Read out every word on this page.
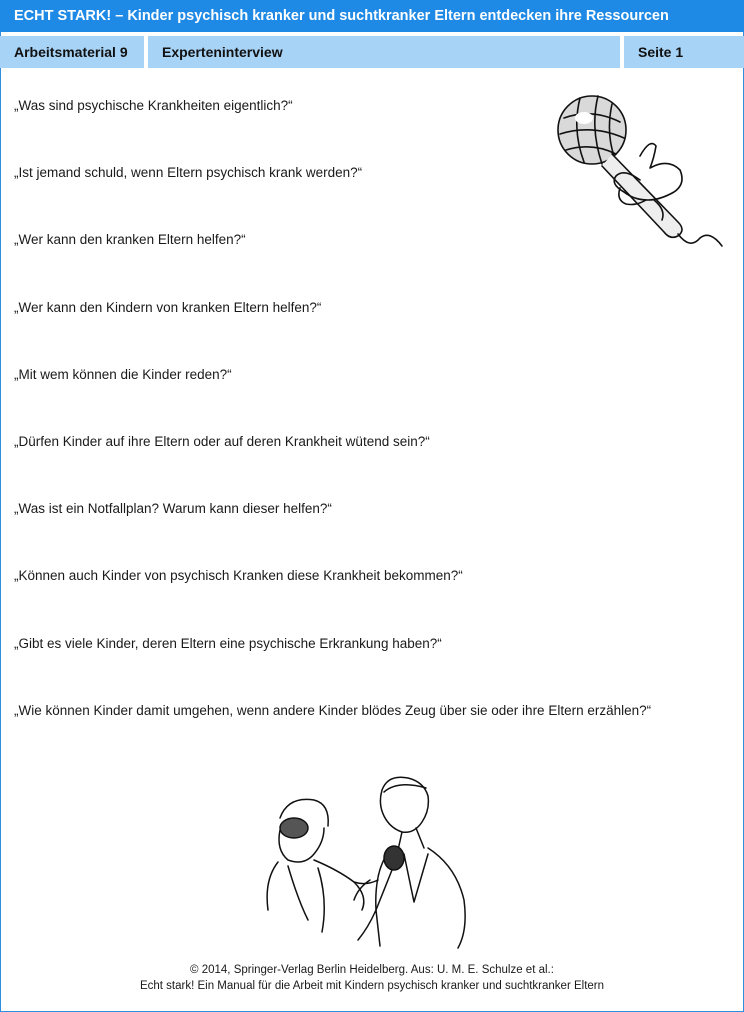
ECHT STARK! – Kinder psychisch kranker und suchtkranker Eltern entdecken ihre Ressourcen
Arbeitsmaterial 9	Experteninterview	Seite 1
„Was sind psychische Krankheiten eigentlich?“
„Ist jemand schuld, wenn Eltern psychisch krank werden?“
„Wer kann den kranken Eltern helfen?“
„Wer kann den Kindern von kranken Eltern helfen?“
„Mit wem können die Kinder reden?“
„Dürfen Kinder auf ihre Eltern oder auf deren Krankheit wütend sein?“
„Was ist ein Notfallplan? Warum kann dieser helfen?“
„Können auch Kinder von psychisch Kranken diese Krankheit bekommen?“
„Gibt es viele Kinder, deren Eltern eine psychische Erkrankung haben?“
„Wie können Kinder damit umgehen, wenn andere Kinder blödes Zeug über sie oder ihre Eltern erzählen?“
© 2014, Springer-Verlag Berlin Heidelberg. Aus: U. M. E. Schulze et al.:
Echt stark! Ein Manual für die Arbeit mit Kindern psychisch kranker und suchtkranker Eltern
